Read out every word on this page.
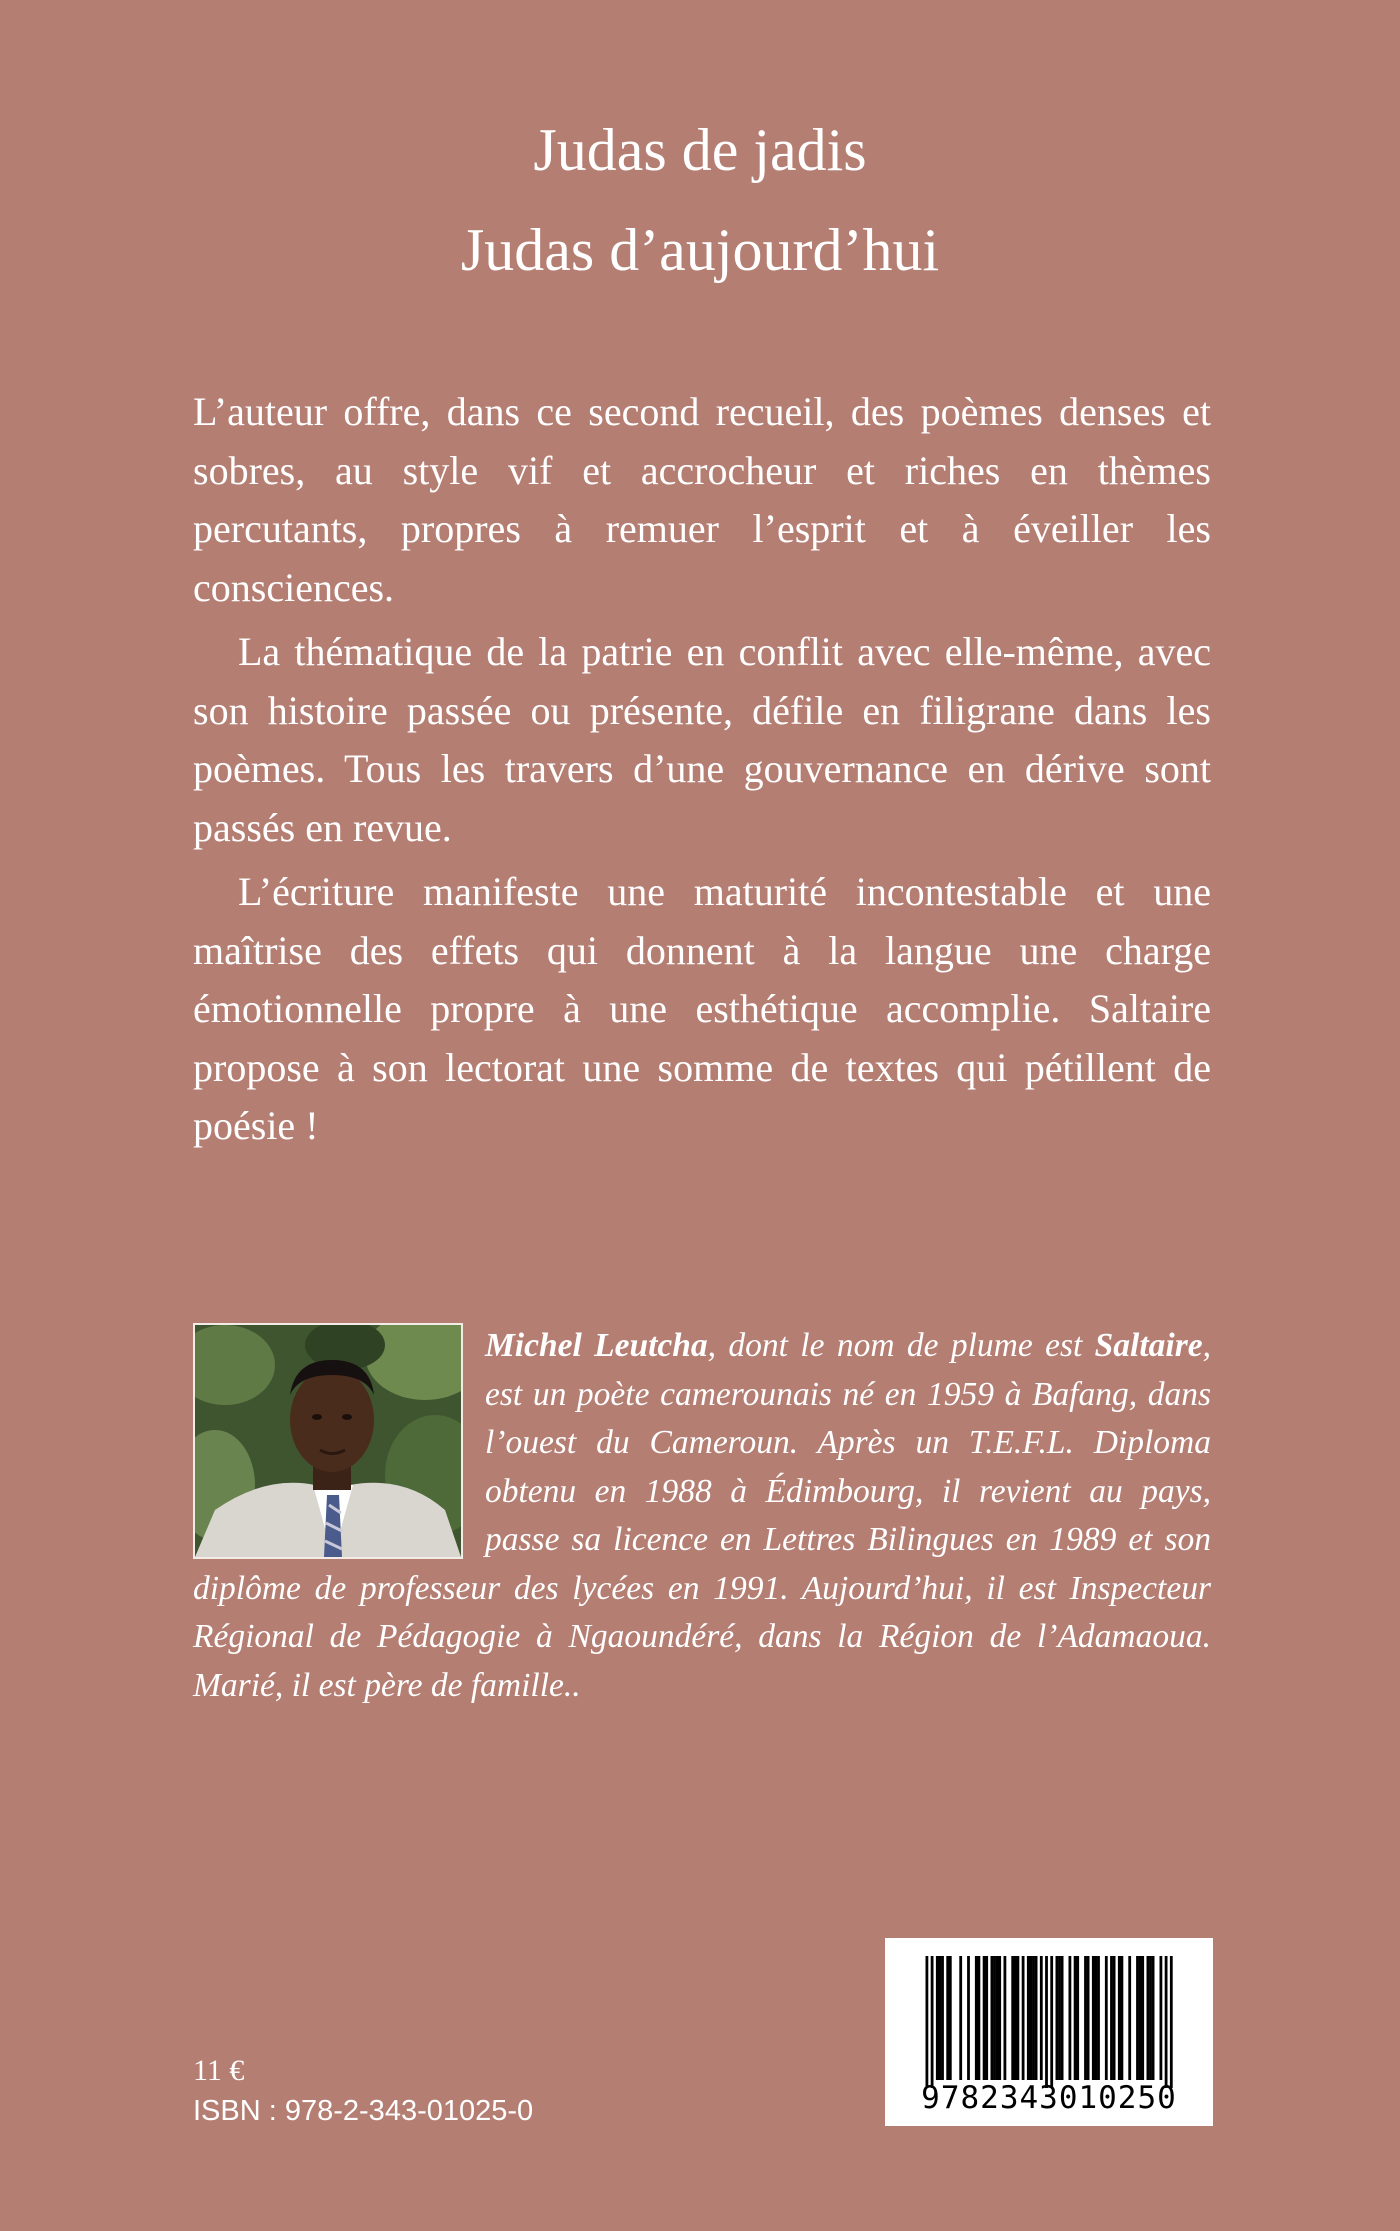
Judas de jadis
Judas d’aujourd’hui

L’auteur offre, dans ce second recueil, des poèmes denses et sobres, au style vif et accrocheur et riches en thèmes percutants, propres à remuer l’esprit et à éveiller les consciences.

La thématique de la patrie en conflit avec elle-même, avec son histoire passée ou présente, défile en filigrane dans les poèmes. Tous les travers d’une gouvernance en dérive sont passés en revue.

L’écriture manifeste une maturité incontestable et une maîtrise des effets qui donnent à la langue une charge émotionnelle propre à une esthétique accomplie. Saltaire propose à son lectorat une somme de textes qui pétillent de poésie !

Michel Leutcha, dont le nom de plume est Saltaire, est un poète camerounais né en 1959 à Bafang, dans l’ouest du Cameroun. Après un T.E.F.L. Diploma obtenu en 1988 à Édimbourg, il revient au pays, passe sa licence en Lettres Bilingues en 1989 et son diplôme de professeur des lycées en 1991. Aujourd’hui, il est Inspecteur Régional de Pédagogie à Ngaoundéré, dans la Région de l’Adamaoua. Marié, il est père de famille..
11 €
ISBN : 978-2-343-01025-0	9782343010250
